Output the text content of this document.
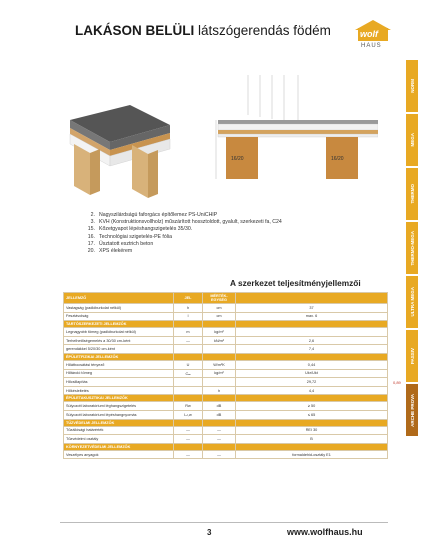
LAKÁSON BELÜLI látszógerendás födém	wolf
HAUS
16/20	16/20
2. Nagyszilárdságú faforgács építőlemez PS-UniCHIP
3. KVH (Konstruktionsvollholz) műszárított hossztoldott, gyalult, szerkezeti fa, C24
15. Kőzetgyapot lépéshangszigetelés 35/30.
16. Technológiai szigetelés-PE fólia
17. Úsztatott esztrich beton
20. XPS élekérem
NORM
MEGA
THERMO
THERMO-MEGA
ULTRA MEGA
PASSIV
ARCHE PROVA
0,89
A szerkezet teljesítményjellemzői
JELLEMZŐ	JEL	MÉRTÉK-EGYSÉG	
Vastagság (padlóburkolat nélkül)	h	cm	37
Fesztávolság	l	cm	max. 6
TARTÓSZERKEZETI JELLEMZŐK			
Legnagyobb tömeg (padlóburkolat nélkül)	m	kg/m²	
Terhelhetőségemelés a 30/30 cm-ként	—	kN/m²	2,6
gerendákkel 5/20/30 cm-ként			7,4
ÉPÜLETFIZIKAI JELLEMZŐK			
Hőátbocsátási tényező	U	W/m²K	0,44
Hőtároló tömeg	Cₘ	kg/m²	Ukr/Ukt
Hőcsillapítás			29,72
Hőkésleltetés		h	4,4
ÉPÜLETAKUSZTIKAI JELLEMZŐK			
Súlyozott laboratóriumi léghangszigetelés	Rw	dB	≥ 50
Súlyozott laboratóriumi lépéshangnyomás	Lₙ,w	dB	≤ 65
TŰZVÉDELMI JELLEMZŐK			
Tűzállósági határérték	—	—	REI 30
Tűzvédelmi osztály	—	—	B
KÖRNYEZETVÉDELMI JELLEMZŐK			
Veszélyes anyagok	—	—	formaldehid-osztály E1
3	www.wolfhaus.hu
